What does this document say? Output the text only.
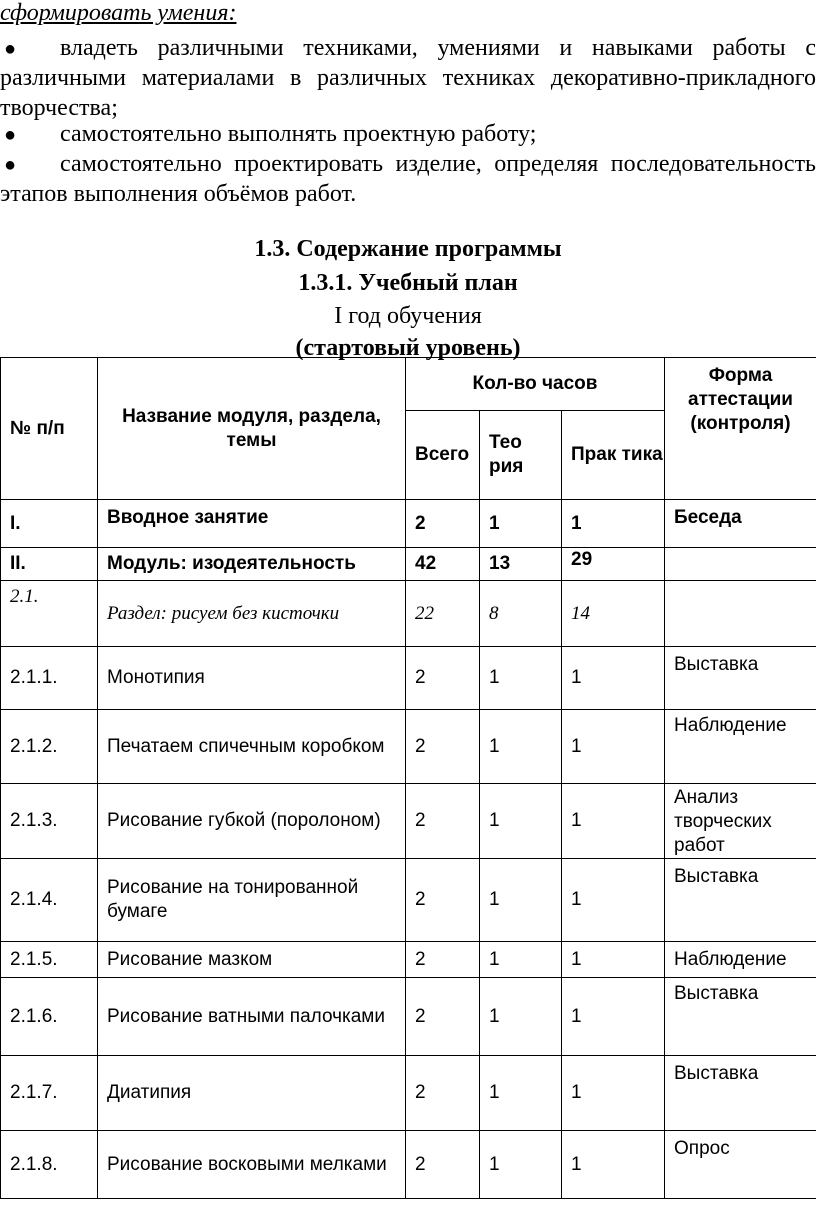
сформировать умения:
● владеть различными техниками, умениями и навыками работы с
различными материалами в различных техниках декоративно-прикладного
творчества;
● самостоятельно выполнять проектную работу;
● самостоятельно проектировать изделие, определяя последовательность
этапов выполнения объёмов работ.
1.3. Содержание программы
1.3.1. Учебный план
I год обучения
(стартовый уровень)
№ п/п	Название модуля, раздела, темы	Кол-во часов			Форма аттестации (контроля)
		Всего	Тео рия	Прак тика	
I.	Вводное занятие	2	1	1	Беседа
II.	Модуль: изодеятельность	42	13	29	
2.1.	Раздел: рисуем без кисточки	22	8	14	
2.1.1.	Монотипия	2	1	1	Выставка
2.1.2.	Печатаем спичечным коробком	2	1	1	Наблюдение
2.1.3.	Рисование губкой (поролоном)	2	1	1	Анализ творческих работ
2.1.4.	Рисование на тонированной бумаге	2	1	1	Выставка
2.1.5.	Рисование мазком	2	1	1	Наблюдение
2.1.6.	Рисование ватными палочками	2	1	1	Выставка
2.1.7.	Диатипия	2	1	1	Выставка
2.1.8.	Рисование восковыми мелками	2	1	1	Опрос
